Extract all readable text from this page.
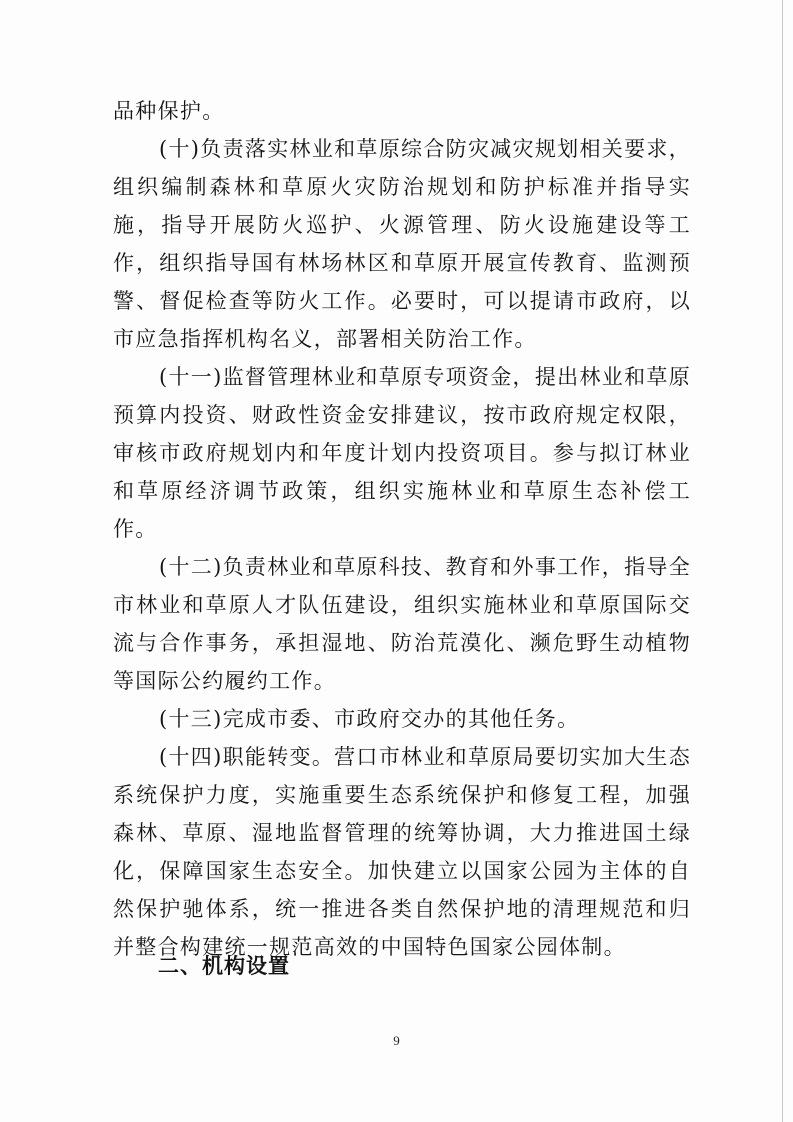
品种保护。

(十)负责落实林业和草原综合防灾减灾规划相关要求，组织编制森林和草原火灾防治规划和防护标准并指导实施，指导开展防火巡护、火源管理、防火设施建设等工作，组织指导国有林场林区和草原开展宣传教育、监测预警、督促检查等防火工作。必要时，可以提请市政府，以市应急指挥机构名义，部署相关防治工作。

(十一)监督管理林业和草原专项资金，提出林业和草原预算内投资、财政性资金安排建议，按市政府规定权限，审核市政府规划内和年度计划内投资项目。参与拟订林业和草原经济调节政策，组织实施林业和草原生态补偿工作。

(十二)负责林业和草原科技、教育和外事工作，指导全市林业和草原人才队伍建设，组织实施林业和草原国际交流与合作事务，承担湿地、防治荒漠化、濒危野生动植物等国际公约履约工作。

(十三)完成市委、市政府交办的其他任务。

(十四)职能转变。营口市林业和草原局要切实加大生态系统保护力度，实施重要生态系统保护和修复工程，加强森林、草原、湿地监督管理的统筹协调，大力推进国土绿化，保障国家生态安全。加快建立以国家公园为主体的自然保护驰体系，统一推进各类自然保护地的清理规范和归并整合构建统一规范高效的中国特色国家公园体制。

二、机构设置
9
